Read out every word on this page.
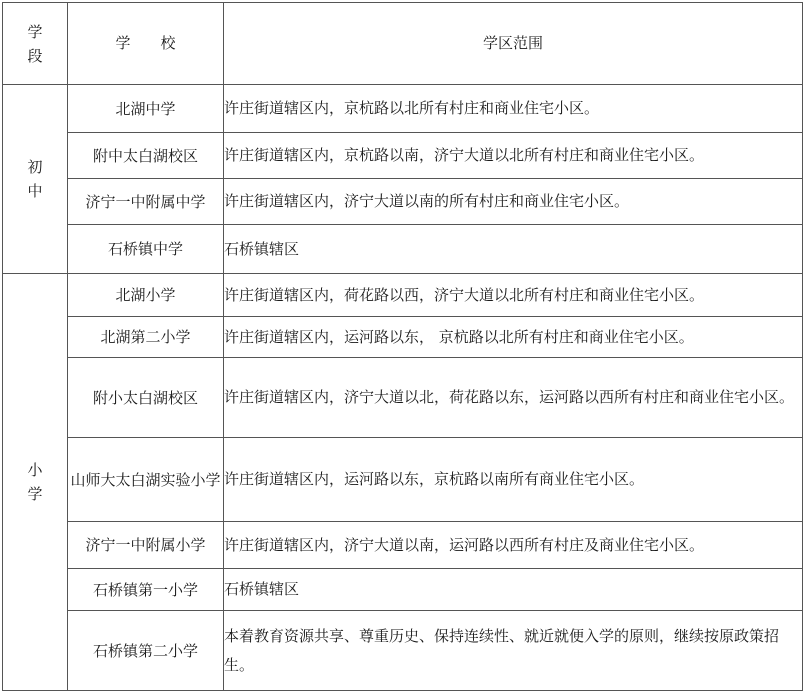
学
段	学　　校	学区范围

初
中	北湖中学	许庄街道辖区内，京杭路以北所有村庄和商业住宅小区。
	附中太白湖校区	许庄街道辖区内，京杭路以南，济宁大道以北所有村庄和商业住宅小区。
	济宁一中附属中学	许庄街道辖区内，济宁大道以南的所有村庄和商业住宅小区。
	石桥镇中学	石桥镇辖区

小
学	北湖小学	许庄街道辖区内，荷花路以西，济宁大道以北所有村庄和商业住宅小区。
	北湖第二小学	许庄街道辖区内，运河路以东， 京杭路以北所有村庄和商业住宅小区。
	附小太白湖校区	许庄街道辖区内，济宁大道以北，荷花路以东，运河路以西所有村庄和商业住宅小区。
	山师大太白湖实验小学	许庄街道辖区内，运河路以东，京杭路以南所有商业住宅小区。
	济宁一中附属小学	许庄街道辖区内，济宁大道以南，运河路以西所有村庄及商业住宅小区。
	石桥镇第一小学	石桥镇辖区
	石桥镇第二小学	本着教育资源共享、尊重历史、保持连续性、就近就便入学的原则，继续按原政策招生。
